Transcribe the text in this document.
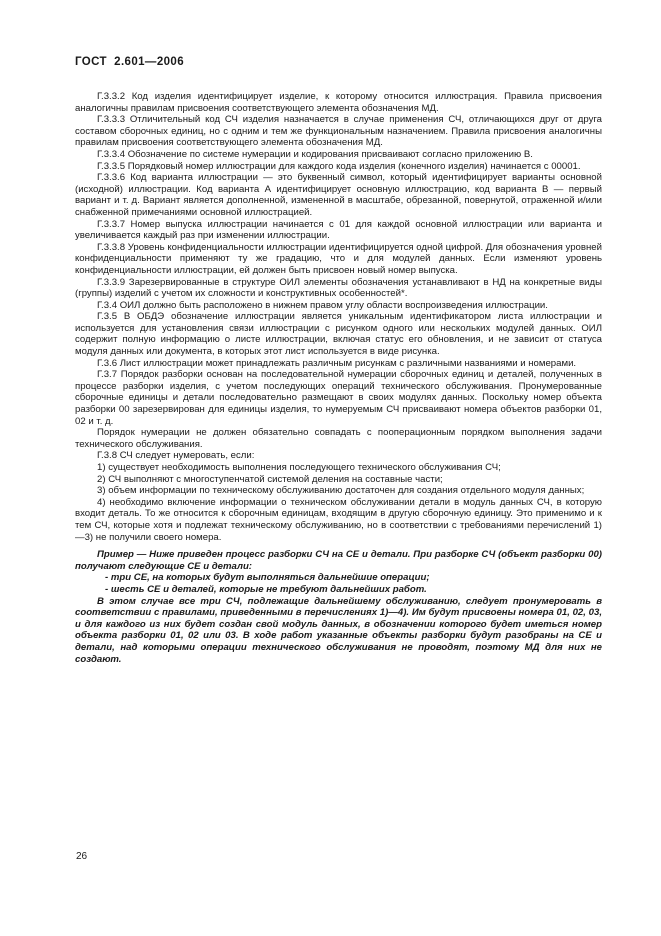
ГОСТ  2.601—2006

Г.3.3.2 Код изделия идентифицирует изделие, к которому относится иллюстрация. Правила присвоения аналогичны правилам присвоения соответствующего элемента обозначения МД.

Г.3.3.3 Отличительный код СЧ изделия назначается в случае применения СЧ, отличающихся друг от друга составом сборочных единиц, но с одним и тем же функциональным назначением. Правила присвоения аналогичны правилам присвоения соответствующего элемента обозначения МД.

Г.3.3.4 Обозначение по системе нумерации и кодирования присваивают согласно приложению В.

Г.3.3.5 Порядковый номер иллюстрации для каждого кода изделия (конечного изделия) начинается с 00001.

Г.3.3.6 Код варианта иллюстрации — это буквенный символ, который идентифицирует варианты основной (исходной) иллюстрации. Код варианта А идентифицирует основную иллюстрацию, код варианта В — первый вариант и т. д. Вариант является дополненной, измененной в масштабе, обрезанной, повернутой, отраженной и/или снабженной примечаниями основной иллюстрацией.

Г.3.3.7 Номер выпуска иллюстрации начинается с 01 для каждой основной иллюстрации или варианта и увеличивается каждый раз при изменении иллюстрации.

Г.3.3.8 Уровень конфиденциальности иллюстрации идентифицируется одной цифрой. Для обозначения уровней конфиденциальности применяют ту же градацию, что и для модулей данных. Если изменяют уровень конфиденциальности иллюстрации, ей должен быть присвоен новый номер выпуска.

Г.3.3.9 Зарезервированные в структуре ОИЛ элементы обозначения устанавливают в НД на конкретные виды (группы) изделий с учетом их сложности и конструктивных особенностей*.

Г.3.4 ОИЛ должно быть расположено в нижнем правом углу области воспроизведения иллюстрации.

Г.3.5 В ОБДЭ обозначение иллюстрации является уникальным идентификатором листа иллюстрации и используется для установления связи иллюстрации с рисунком одного или нескольких модулей данных. ОИЛ содержит полную информацию о листе иллюстрации, включая статус его обновления, и не зависит от статуса модуля данных или документа, в которых этот лист используется в виде рисунка.

Г.3.6 Лист иллюстрации может принадлежать различным рисункам с различными названиями и номерами.

Г.3.7 Порядок разборки основан на последовательной нумерации сборочных единиц и деталей, полученных в процессе разборки изделия, с учетом последующих операций технического обслуживания. Пронумерованные сборочные единицы и детали последовательно размещают в своих модулях данных. Поскольку номер объекта разборки 00 зарезервирован для единицы изделия, то нумеруемым СЧ присваивают номера объектов разборки 01, 02 и т. д.

Порядок нумерации не должен обязательно совпадать с пооперационным порядком выполнения задачи технического обслуживания.

Г.3.8 СЧ следует нумеровать, если:

1) существует необходимость выполнения последующего технического обслуживания СЧ;

2) СЧ выполняют с многоступенчатой системой деления на составные части;

3) объем информации по техническому обслуживанию достаточен для создания отдельного модуля данных;

4) необходимо включение информации о техническом обслуживании детали в модуль данных СЧ, в которую входит деталь. То же относится к сборочным единицам, входящим в другую сборочную единицу. Это применимо и к тем СЧ, которые хотя и подлежат техническому обслуживанию, но в соответствии с требованиями перечислений 1)—3) не получили своего номера.

Пример — Ниже приведен процесс разборки СЧ на СЕ и детали. При разборке СЧ (объект разборки 00) получают следующие СЕ и детали:

- три СЕ, на которых будут выполняться дальнейшие операции;

- шесть СЕ и деталей, которые не требуют дальнейших работ.

В этом случае все три СЧ, подлежащие дальнейшему обслуживанию, следует пронумеровать в соответствии с правилами, приведенными в перечислениях 1)—4). Им будут присвоены номера 01, 02, 03, и для каждого из них будет создан свой модуль данных, в обозначении которого будет иметься номер объекта разборки 01, 02 или 03. В ходе работ указанные объекты разборки будут разобраны на СЕ и детали, над которыми операции технического обслуживания не проводят, поэтому МД для них не создают.

26
